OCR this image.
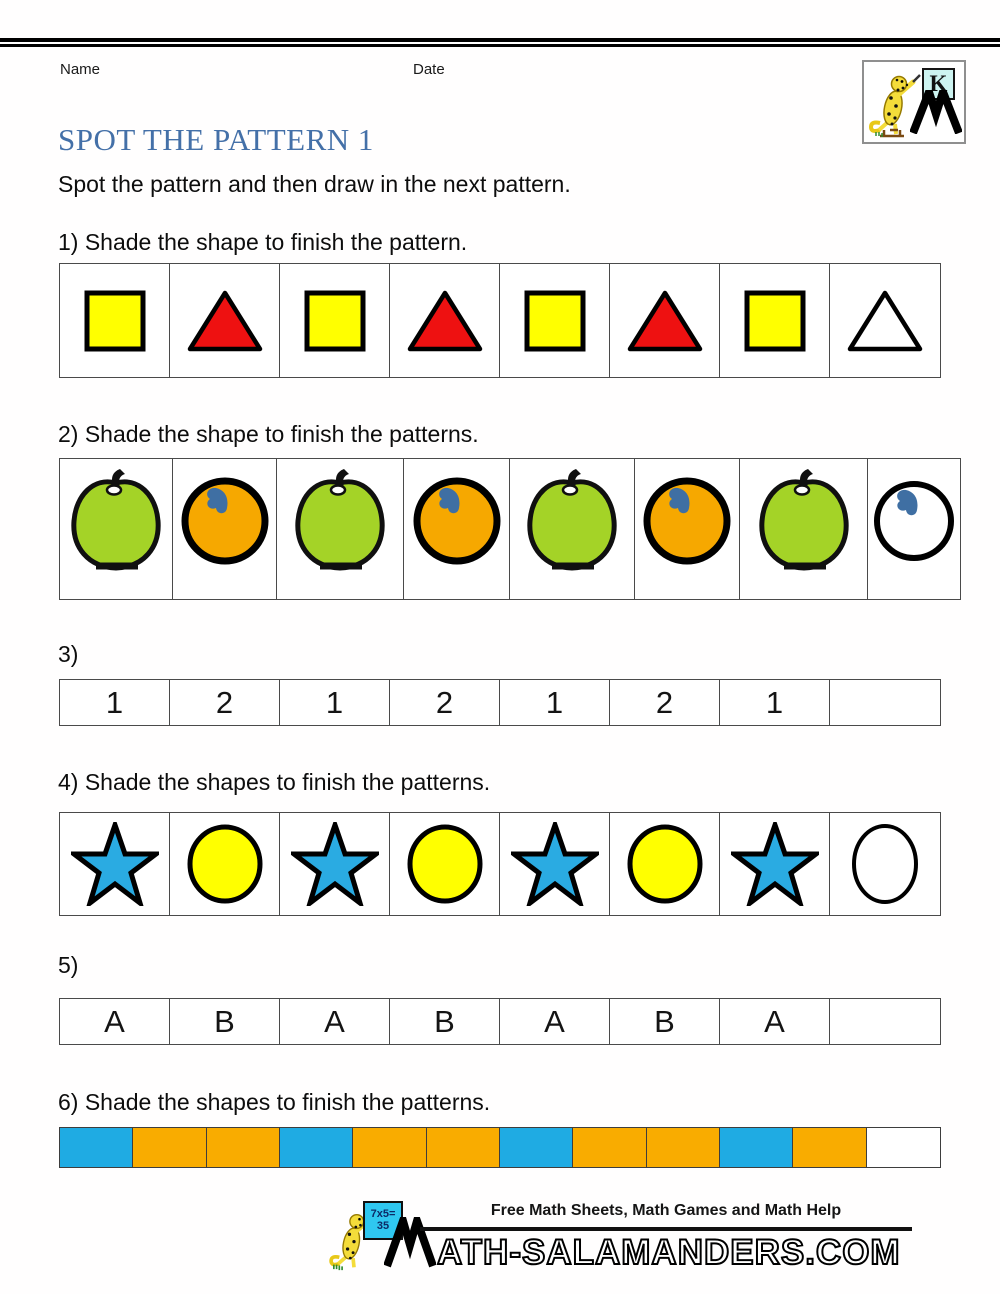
Name	Date
K
SPOT THE PATTERN 1
Spot the pattern and then draw in the next pattern.
1) Shade the shape to finish the pattern.
2) Shade the shape to finish the patterns.
3)
1	2	1	2	1	2	1
4) Shade the shapes to finish the patterns.
5)
A	B	A	B	A	B	A
6) Shade the shapes to finish the patterns.
7x5=
35
Free Math Sheets, Math Games and Math Help
ATH-SALAMANDERS.COM
